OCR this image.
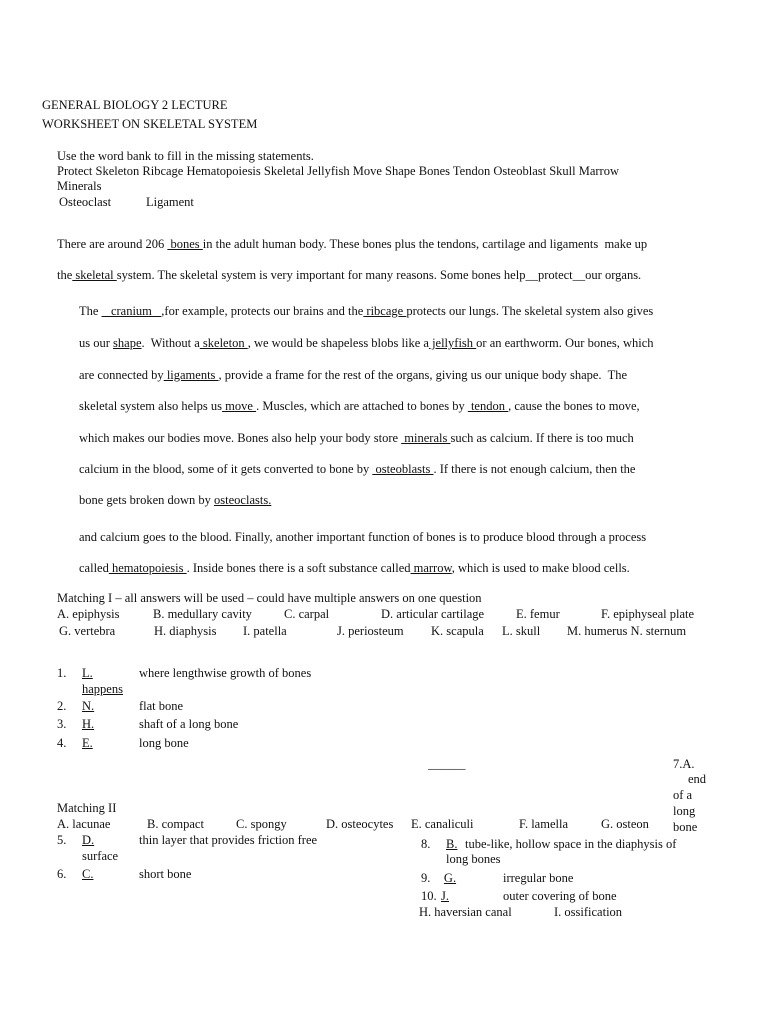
GENERAL BIOLOGY 2 LECTURE
WORKSHEET ON SKELETAL SYSTEM
Use the word bank to fill in the missing statements.
Protect Skeleton Ribcage Hematopoiesis Skeletal Jellyfish Move Shape Bones Tendon Osteoblast Skull Marrow
Minerals
Osteoclast	Ligament
There are around 206  bones in the adult human body. These bones plus the tendons, cartilage and ligaments  make up
the skeletal system. The skeletal system is very important for many reasons. Some bones help__protect__our organs.
The    cranium   ,for example, protects our brains and the ribcage protects our lungs. The skeletal system also gives
us our shape.  Without a skeleton , we would be shapeless blobs like a jellyfish or an earthworm. Our bones, which
are connected by ligaments , provide a frame for the rest of the organs, giving us our unique body shape.  The
skeletal system also helps us move . Muscles, which are attached to bones by  tendon , cause the bones to move,
which makes our bodies move. Bones also help your body store  minerals such as calcium. If there is too much
calcium in the blood, some of it gets converted to bone by  osteoblasts . If there is not enough calcium, then the
bone gets broken down by osteoclasts.
and calcium goes to the blood. Finally, another important function of bones is to produce blood through a process
called hematopoiesis . Inside bones there is a soft substance called marrow, which is used to make blood cells.
Matching I – all answers will be used – could have multiple answers on one question
A. epiphysis	B. medullary cavity	C. carpal	D. articular cartilage	E. femur	F. epiphyseal plate
G. vertebra	H. diaphysis I. patella	J. periosteum K. scapula L. skull M. humerus N. sternum
1. L.	where lengthwise growth of bones
happens
2. N.	flat bone
3. H.	shaft of a long bone
4. E.	long bone
______	7.A.
end
of a
long
bone
Matching II
A. lacunae	B. compact	C. spongy	D. osteocytes E. canaliculi	F. lamella	G. osteon
5. D.	thin layer that provides friction free
surface
6. C.	short bone
8. B. tube-like, hollow space in the diaphysis of
long bones
9.	G.	irregular bone
10. J.	outer covering of bone
H. haversian canal	I. ossification
